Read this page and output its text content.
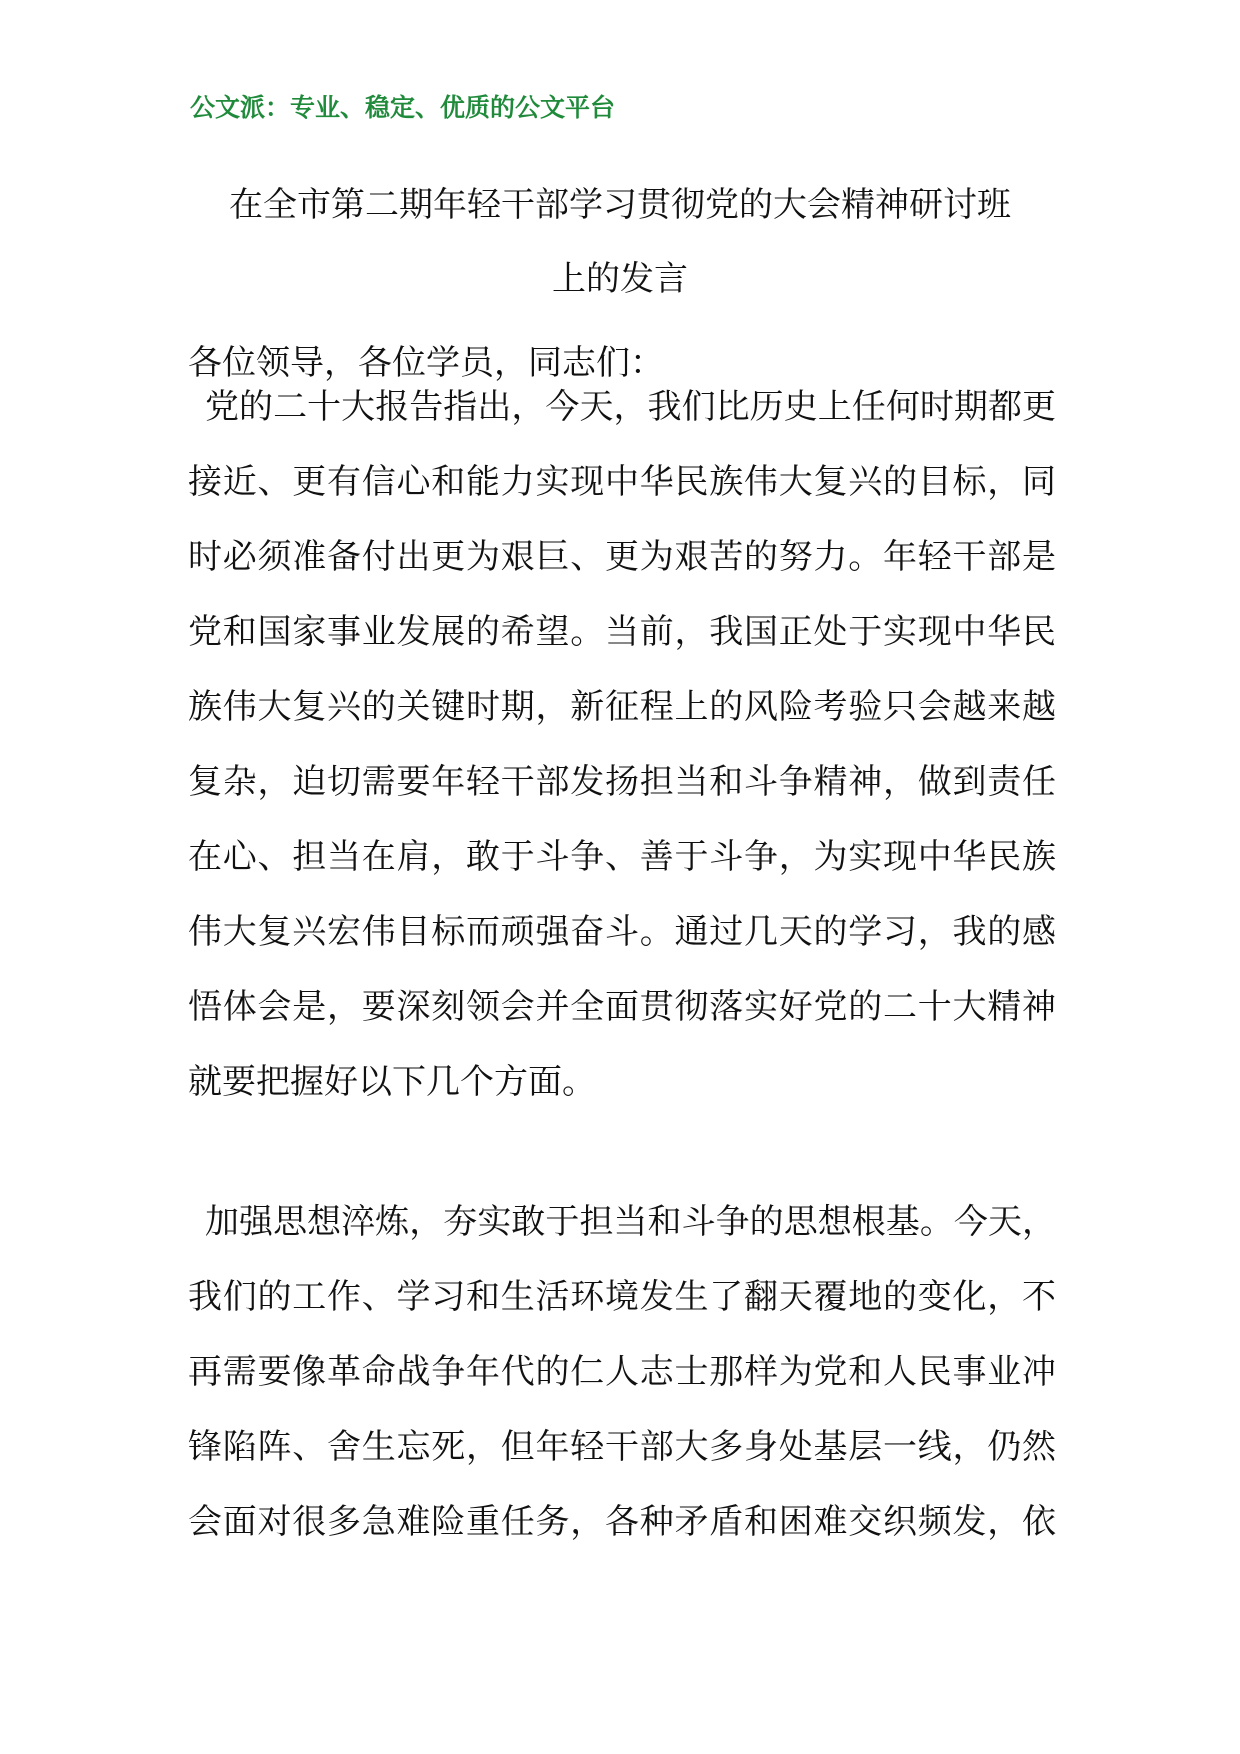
公文派：专业、稳定、优质的公文平台
在全市第二期年轻干部学习贯彻党的大会精神研讨班
上的发言
各位领导，各位学员，同志们：
党的二十大报告指出，今天，我们比历史上任何时期都更
接近、更有信心和能力实现中华民族伟大复兴的目标，同
时必须准备付出更为艰巨、更为艰苦的努力。年轻干部是
党和国家事业发展的希望。当前，我国正处于实现中华民
族伟大复兴的关键时期，新征程上的风险考验只会越来越
复杂，迫切需要年轻干部发扬担当和斗争精神，做到责任
在心、担当在肩，敢于斗争、善于斗争，为实现中华民族
伟大复兴宏伟目标而顽强奋斗。通过几天的学习，我的感
悟体会是，要深刻领会并全面贯彻落实好党的二十大精神
就要把握好以下几个方面。
加强思想淬炼，夯实敢于担当和斗争的思想根基。今天，
我们的工作、学习和生活环境发生了翻天覆地的变化，不
再需要像革命战争年代的仁人志士那样为党和人民事业冲
锋陷阵、舍生忘死，但年轻干部大多身处基层一线，仍然
会面对很多急难险重任务，各种矛盾和困难交织频发，依
